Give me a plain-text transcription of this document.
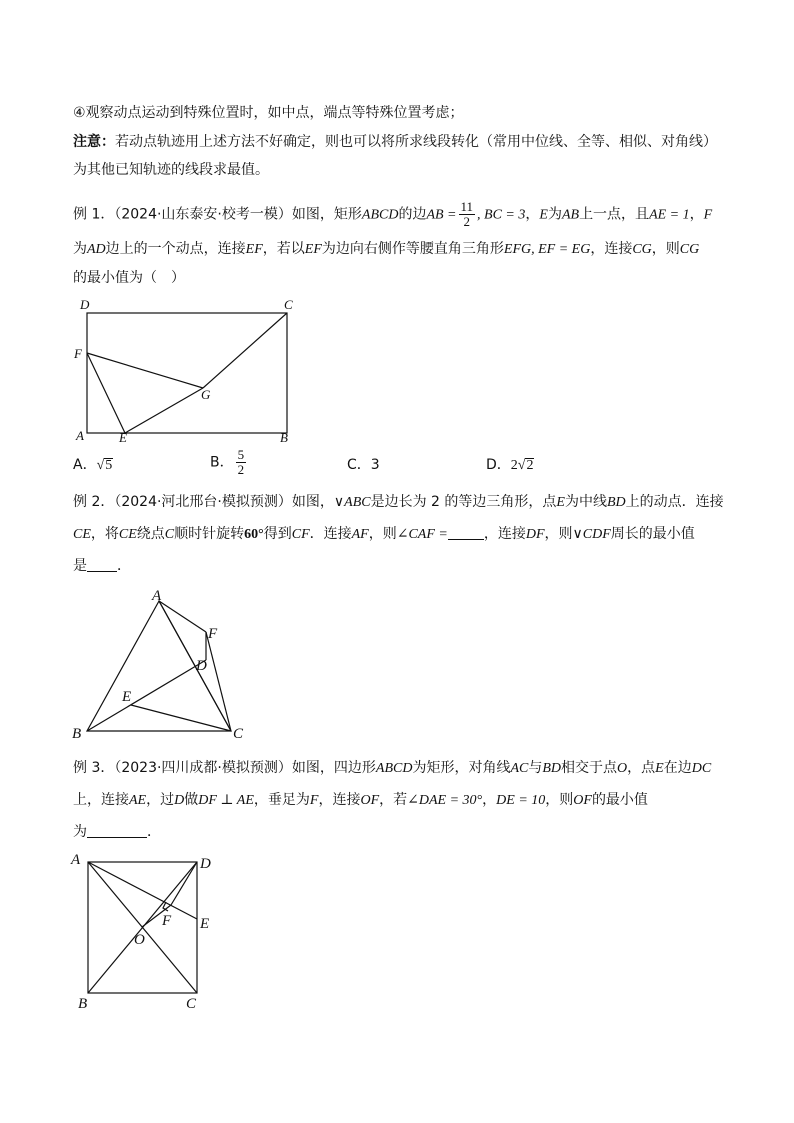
④观察动点运动到特殊位置时，如中点，端点等特殊位置考虑；
注意：若动点轨迹用上述方法不好确定，则也可以将所求线段转化（常用中位线、全等、相似、对角线）
为其他已知轨迹的线段求最值。
例 1．（2024·山东泰安·校考一模）如图，矩形ABCD的边AB = $\frac{11}{2}$ , BC = 3，E为AB上一点，且AE = 1，F
为AD边上的一个动点，连接EF，若以EF为边向右侧作等腰直角三角形EFG, EF = EG，连接CG，则CG
的最小值为（　）
D	C
F
G
A	E	B
A．√5	B． $\frac{5}{2}$	C．3	D．2√2
例 2．（2024·河北邢台·模拟预测）如图，∨ABC是边长为 2 的等边三角形，点E为中线BD上的动点．连接
CE，将CE绕点C顺时针旋转60°得到CF．连接AF，则∠CAF =	，连接DF，则∨CDF周长的最小值
是 ．
A
F
D
E
B	C
例 3．（2023·四川成都·模拟预测）如图，四边形ABCD为矩形，对角线AC与BD相交于点O，点E在边DC
上，连接AE，过D做DF ⊥ AE，垂足为F，连接OF，若∠DAE = 30°，DE = 10，则OF的最小值
为	．
A	D
F E
O
B	C
